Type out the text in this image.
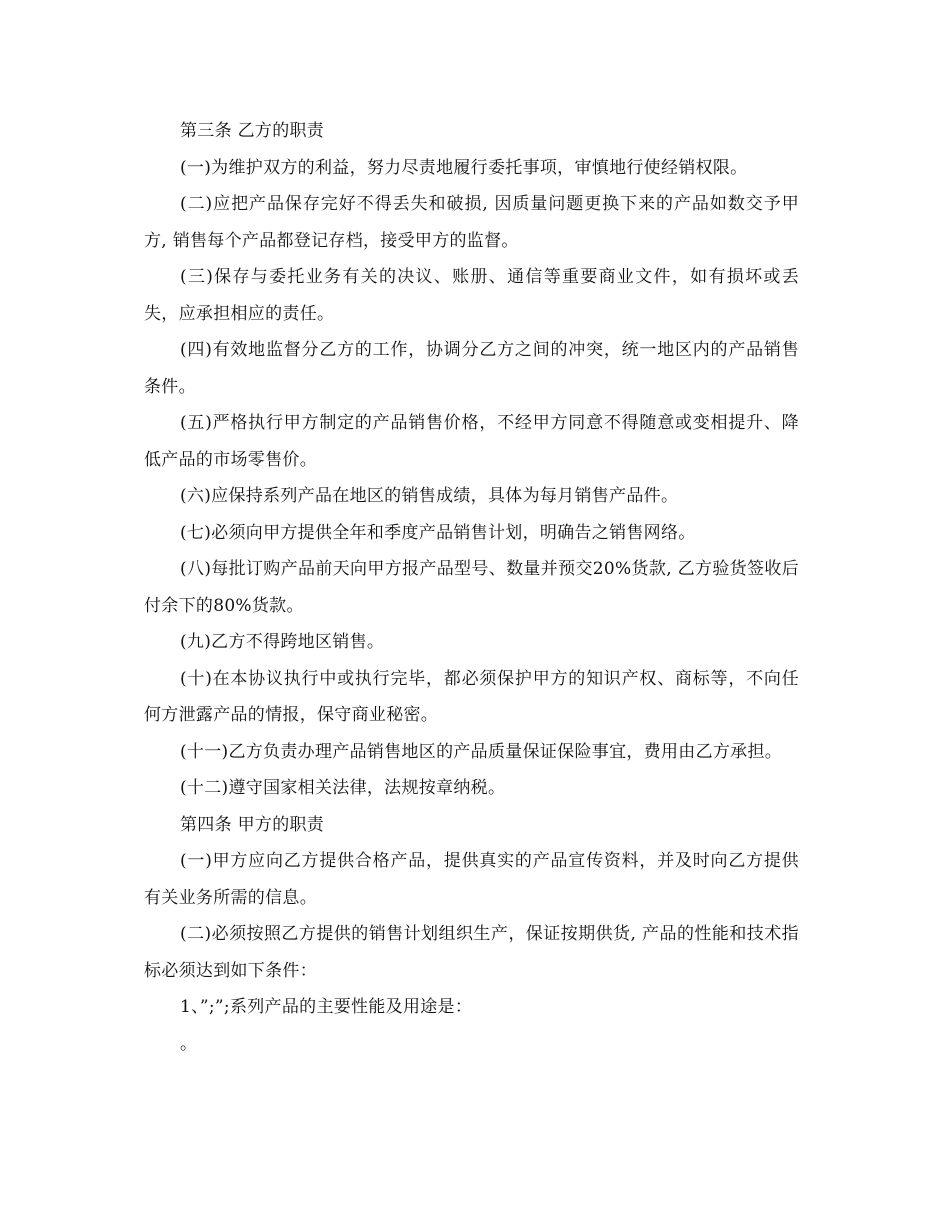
第三条 乙方的职责

(一)为维护双方的利益，努力尽责地履行委托事项，审慎地行使经销权限。

(二)应把产品保存完好不得丢失和破损, 因质量问题更换下来的产品如数交予甲方, 销售每个产品都登记存档，接受甲方的监督。

(三)保存与委托业务有关的决议、账册、通信等重要商业文件，如有损坏或丢失，应承担相应的责任。

(四)有效地监督分乙方的工作，协调分乙方之间的冲突，统一地区内的产品销售条件。

(五)严格执行甲方制定的产品销售价格，不经甲方同意不得随意或变相提升、降低产品的市场零售价。

(六)应保持系列产品在地区的销售成绩，具体为每月销售产品件。

(七)必须向甲方提供全年和季度产品销售计划，明确告之销售网络。

(八)每批订购产品前天向甲方报产品型号、数量并预交20%货款, 乙方验货签收后付余下的80%货款。

(九)乙方不得跨地区销售。

(十)在本协议执行中或执行完毕，都必须保护甲方的知识产权、商标等，不向任何方泄露产品的情报，保守商业秘密。

(十一)乙方负责办理产品销售地区的产品质量保证保险事宜，费用由乙方承担。

(十二)遵守国家相关法律，法规按章纳税。

第四条 甲方的职责

(一)甲方应向乙方提供合格产品，提供真实的产品宣传资料，并及时向乙方提供有关业务所需的信息。

(二)必须按照乙方提供的销售计划组织生产，保证按期供货, 产品的性能和技术指标必须达到如下条件：

1、”;”;系列产品的主要性能及用途是：

。
